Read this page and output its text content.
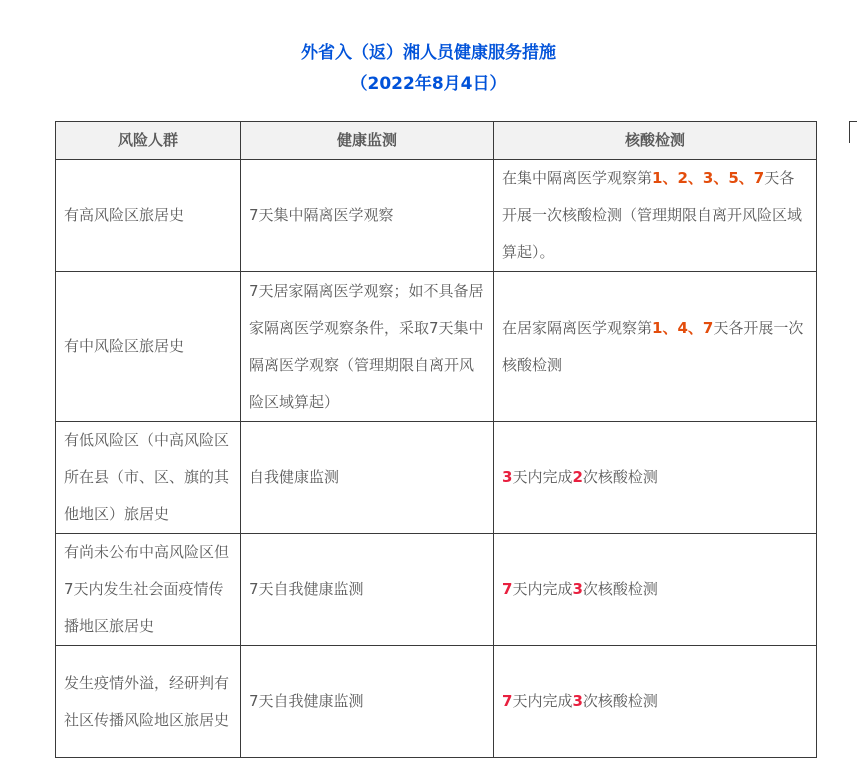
外省入（返）湘人员健康服务措施
（2022年8月4日）
风险人群	健康监测	核酸检测
有高风险区旅居史	7天集中隔离医学观察	在集中隔离医学观察第1、2、3、5、7天各开展一次核酸检测（管理期限自离开风险区域算起）。
有中风险区旅居史	7天居家隔离医学观察；如不具备居家隔离医学观察条件，采取7天集中隔离医学观察（管理期限自离开风险区域算起）	在居家隔离医学观察第1、4、7天各开展一次核酸检测
有低风险区（中高风险区所在县（市、区、旗的其他地区）旅居史	自我健康监测	3天内完成2次核酸检测
有尚未公布中高风险区但7天内发生社会面疫情传播地区旅居史	7天自我健康监测	7天内完成3次核酸检测
发生疫情外溢，经研判有社区传播风险地区旅居史	7天自我健康监测	7天内完成3次核酸检测
